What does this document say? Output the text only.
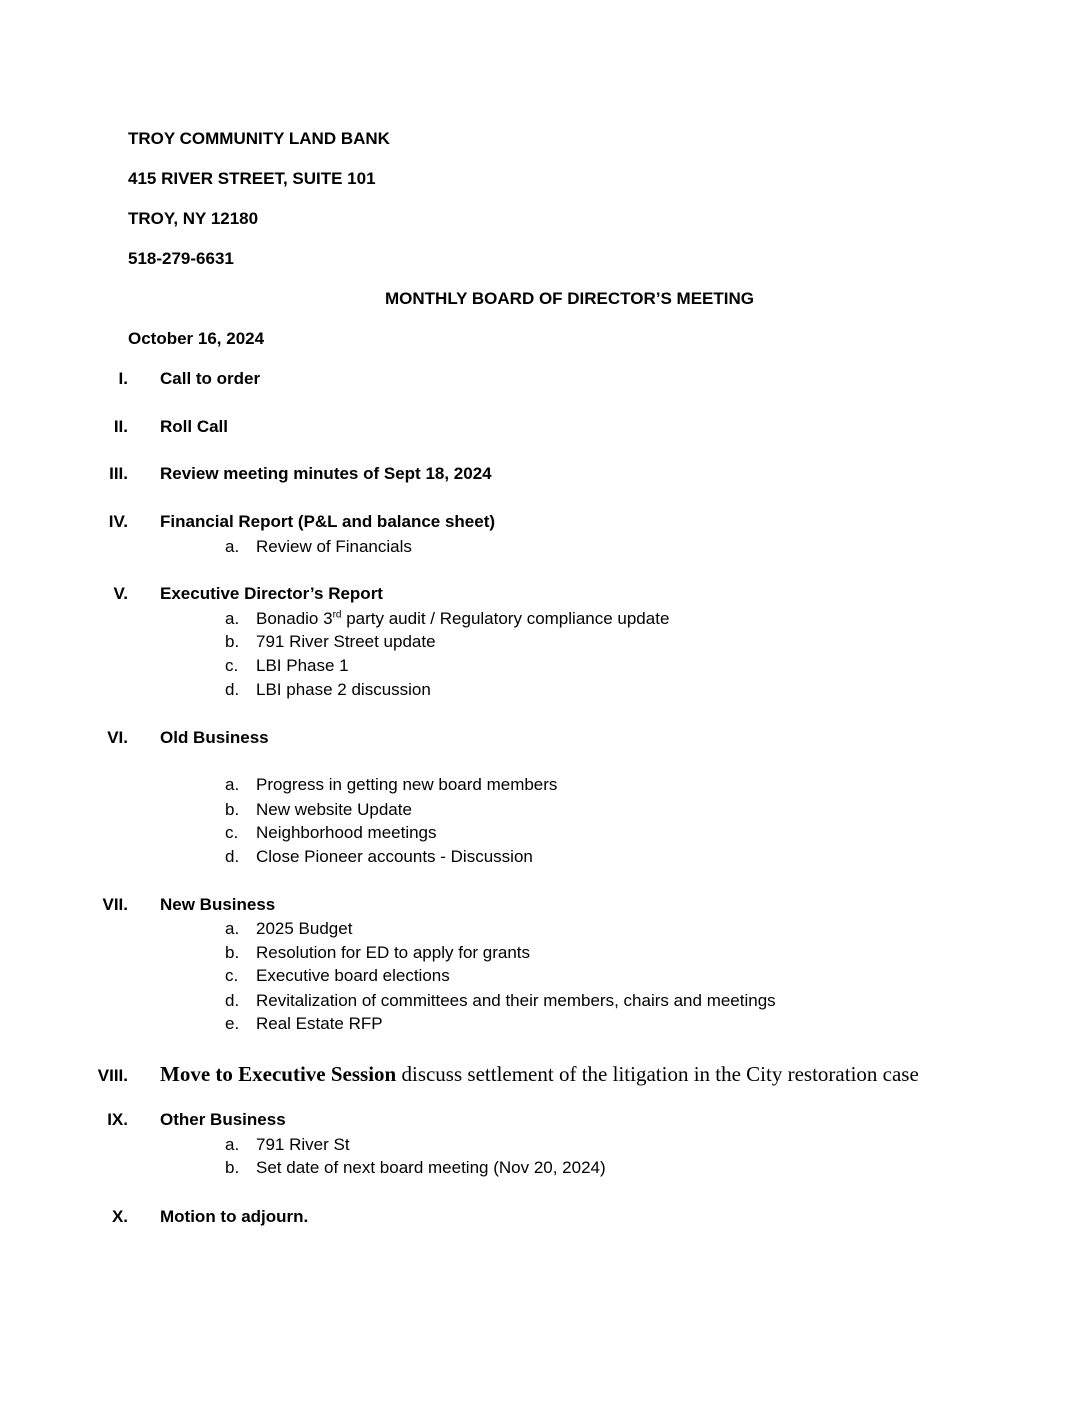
TROY COMMUNITY LAND BANK
415 RIVER STREET, SUITE 101
TROY, NY 12180
518-279-6631
MONTHLY BOARD OF DIRECTOR’S MEETING
October 16, 2024
I. Call to order
II. Roll Call
III. Review meeting minutes of Sept 18, 2024
IV. Financial Report (P&L and balance sheet)
a. Review of Financials
V. Executive Director’s Report
a. Bonadio 3rd party audit / Regulatory compliance update
b. 791 River Street update
c. LBI Phase 1
d. LBI phase 2 discussion
VI. Old Business
a. Progress in getting new board members
b. New website Update
c. Neighborhood meetings
d. Close Pioneer accounts - Discussion
VII. New Business
a. 2025 Budget
b. Resolution for ED to apply for grants
c. Executive board elections
d. Revitalization of committees and their members, chairs and meetings
e. Real Estate RFP
VIII. Move to Executive Session discuss settlement of the litigation in the City restoration case
IX. Other Business
a. 791 River St
b. Set date of next board meeting (Nov 20, 2024)
X. Motion to adjourn.
